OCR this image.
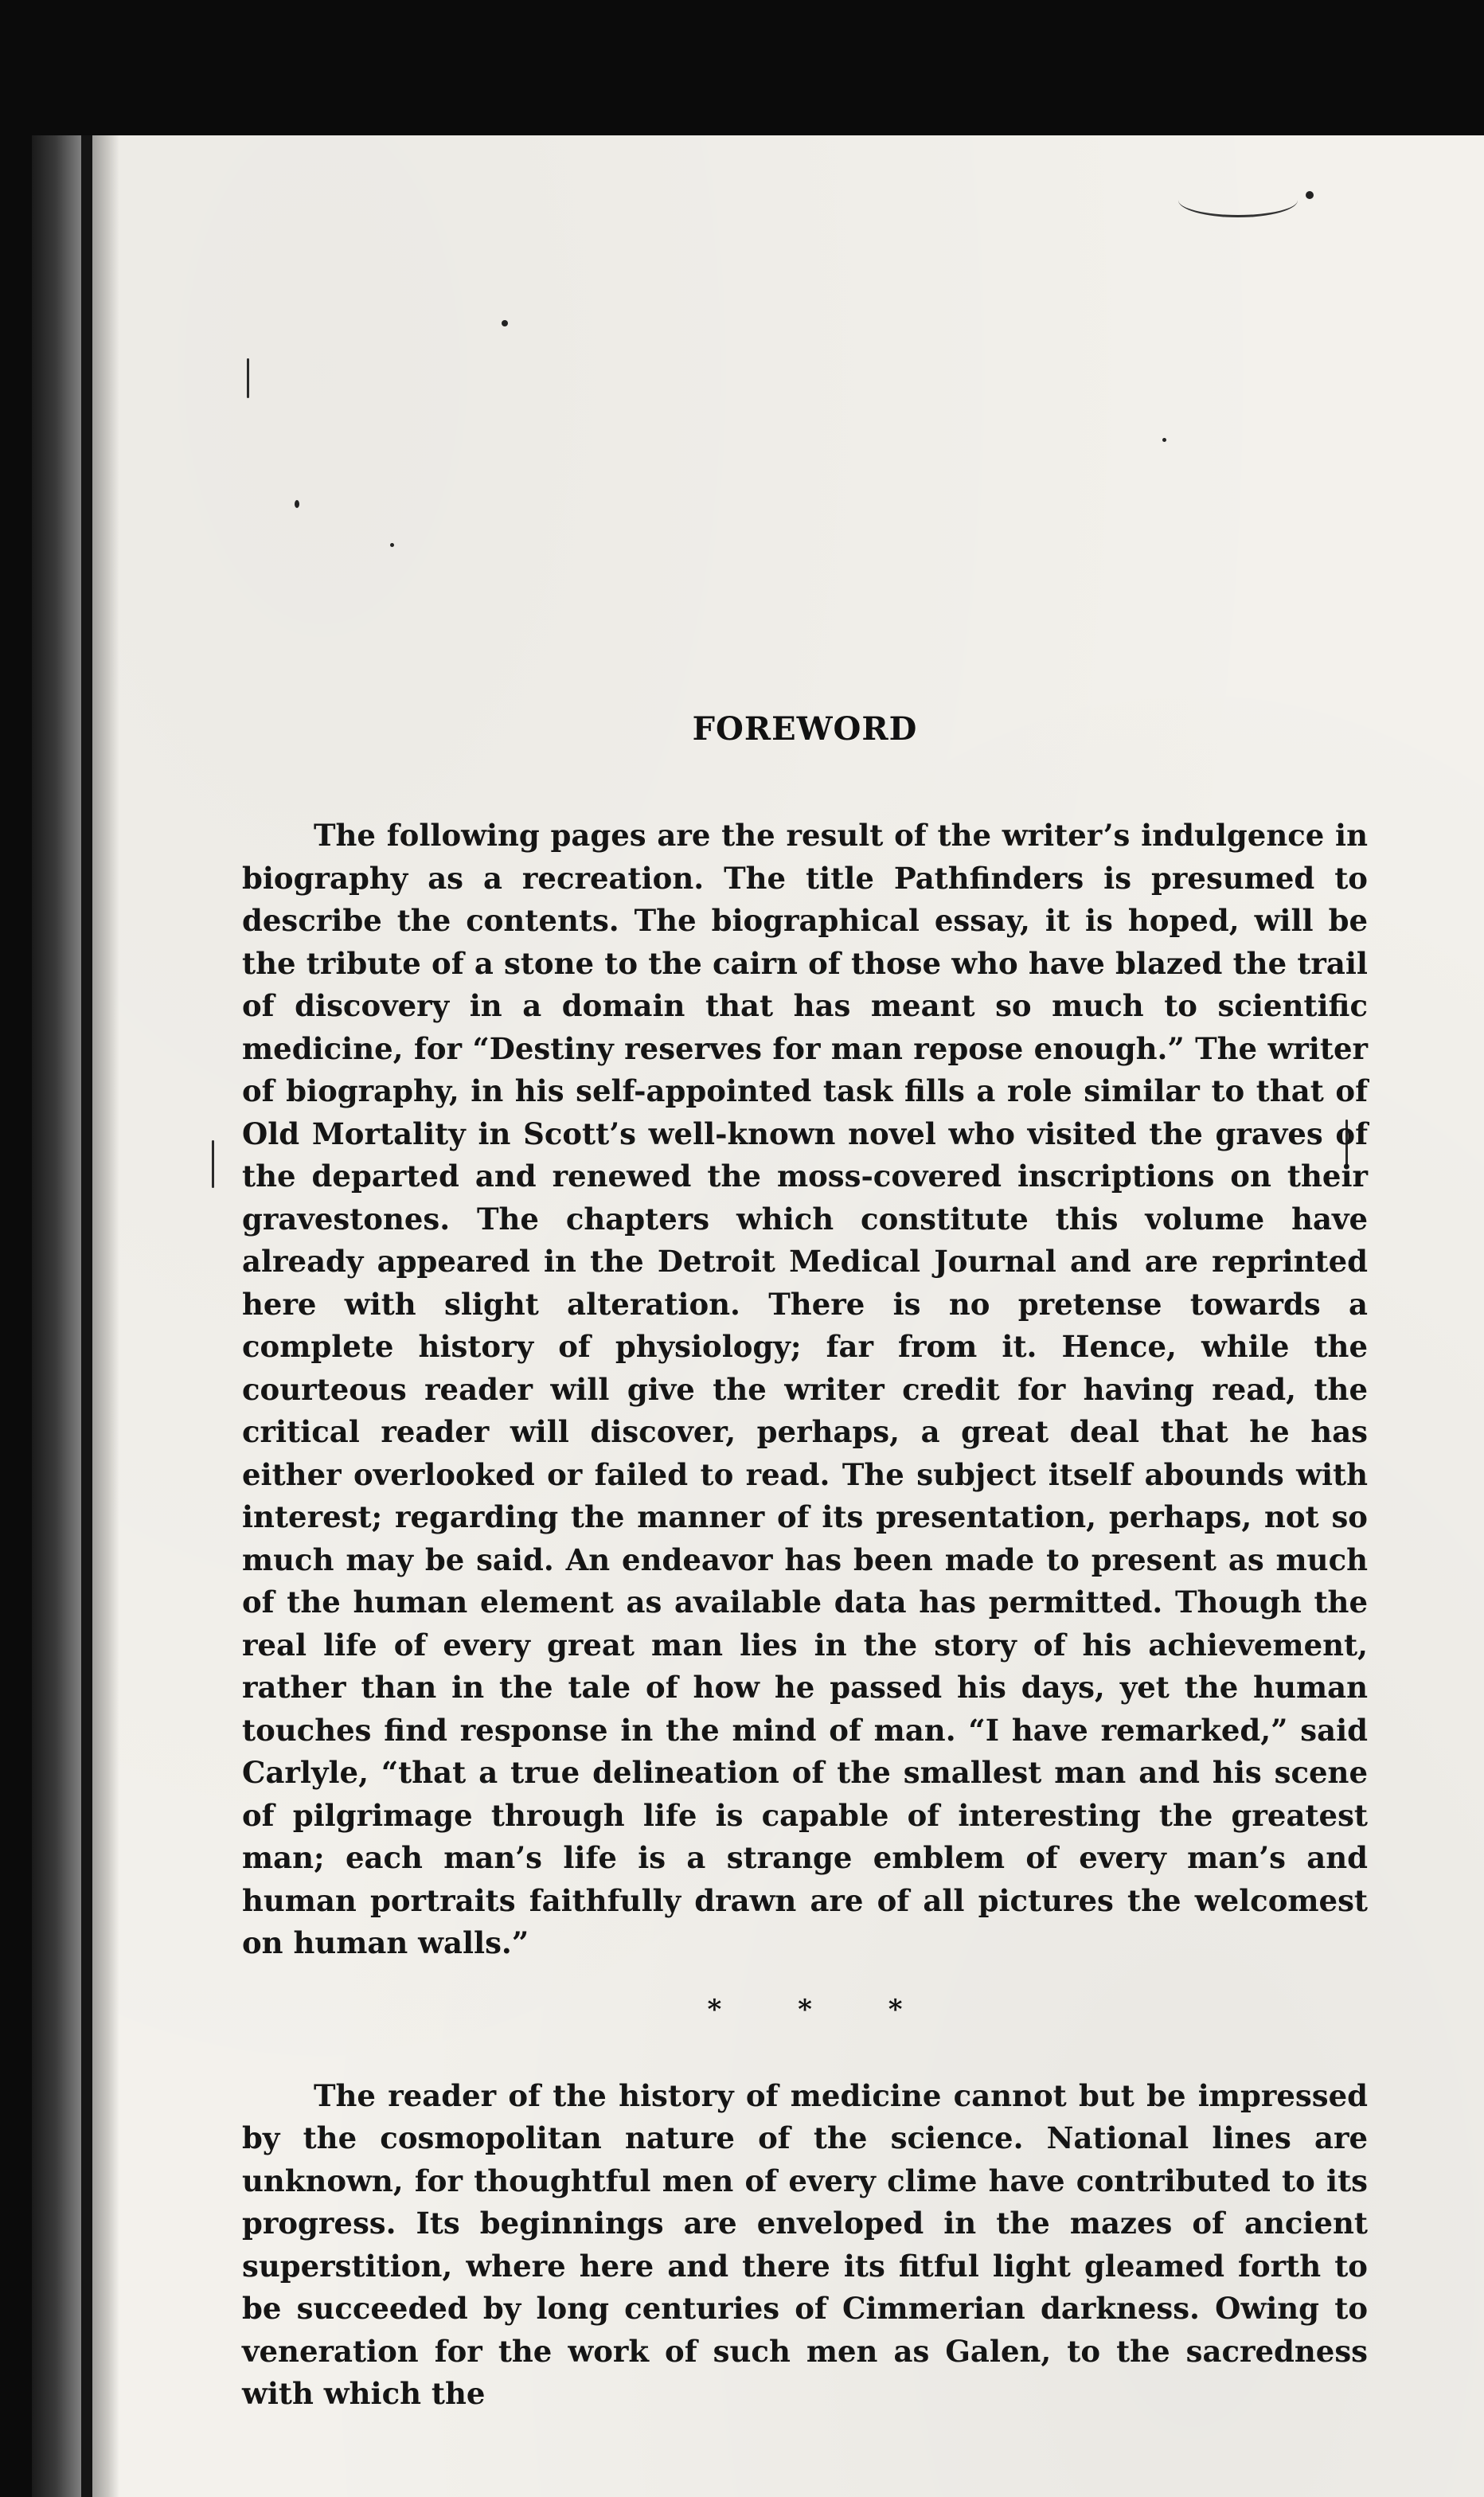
FOREWORD

The following pages are the result of the writer’s indulgence in biography as a recreation. The title Pathfinders is presumed to describe the contents. The biographical essay, it is hoped, will be the tribute of a stone to the cairn of those who have blazed the trail of discovery in a domain that has meant so much to scientific medicine, for “Destiny reserves for man repose enough.” The writer of biography, in his self-appointed task fills a role similar to that of Old Mortality in Scott’s well-known novel who visited the graves of the departed and renewed the moss-covered inscriptions on their gravestones. The chapters which constitute this volume have already appeared in the Detroit Medical Journal and are reprinted here with slight alteration. There is no pretense towards a complete history of physiology; far from it. Hence, while the courteous reader will give the writer credit for having read, the critical reader will discover, perhaps, a great deal that he has either overlooked or failed to read. The subject itself abounds with interest; regarding the manner of its presentation, perhaps, not so much may be said. An endeavor has been made to present as much of the human element as available data has permitted. Though the real life of every great man lies in the story of his achievement, rather than in the tale of how he passed his days, yet the human touches find response in the mind of man. “I have remarked,” said Carlyle, “that a true delineation of the smallest man and his scene of pilgrimage through life is capable of interesting the greatest man; each man’s life is a strange emblem of every man’s and human portraits faithfully drawn are of all pictures the welcomest on human walls.”

* * *

The reader of the history of medicine cannot but be impressed by the cosmopolitan nature of the science. National lines are unknown, for thoughtful men of every clime have contributed to its progress. Its beginnings are enveloped in the mazes of ancient superstition, where here and there its fitful light gleamed forth to be succeeded by long centuries of Cimmerian darkness. Owing to veneration for the work of such men as Galen, to the sacredness with which the
